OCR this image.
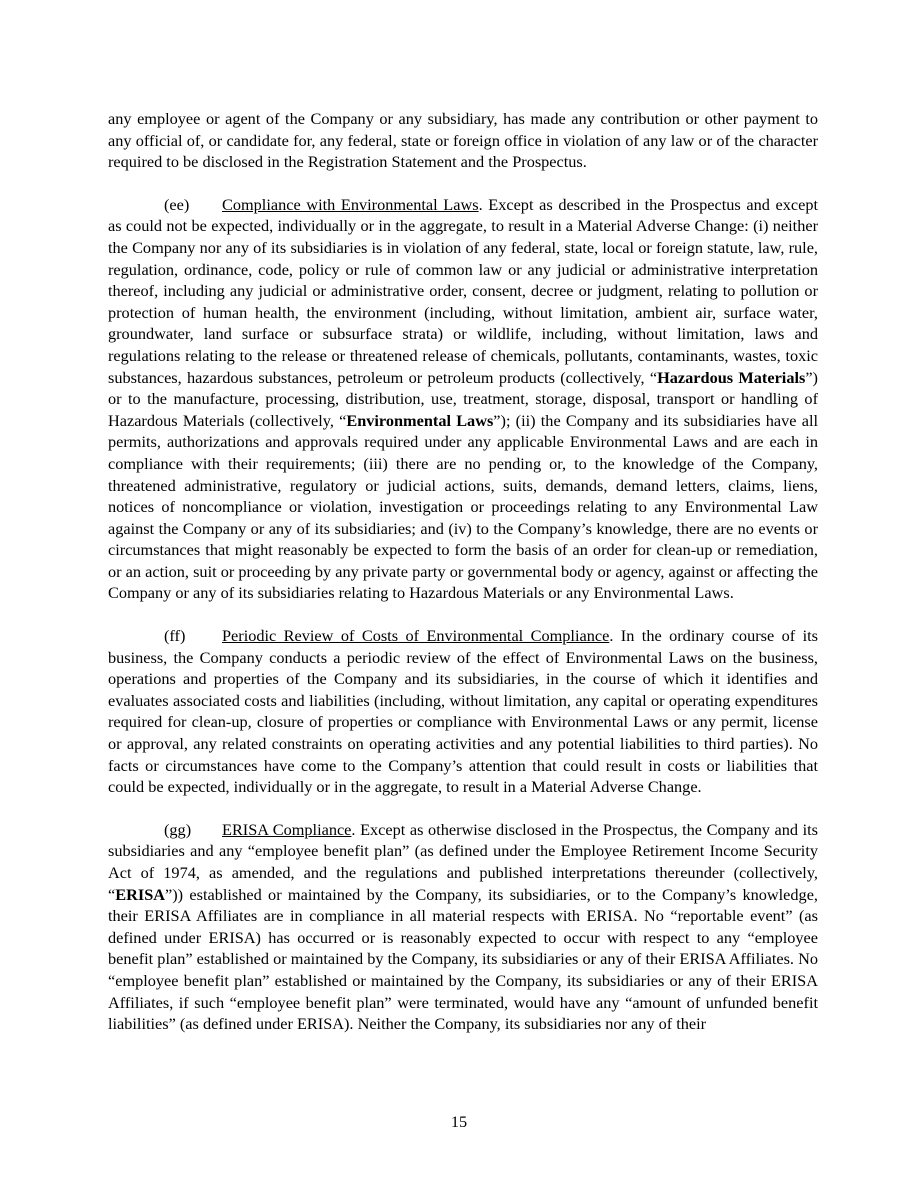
any employee or agent of the Company or any subsidiary, has made any contribution or other payment to any official of, or candidate for, any federal, state or foreign office in violation of any law or of the character required to be disclosed in the Registration Statement and the Prospectus.

(ee) Compliance with Environmental Laws. Except as described in the Prospectus and except as could not be expected, individually or in the aggregate, to result in a Material Adverse Change: (i) neither the Company nor any of its subsidiaries is in violation of any federal, state, local or foreign statute, law, rule, regulation, ordinance, code, policy or rule of common law or any judicial or administrative interpretation thereof, including any judicial or administrative order, consent, decree or judgment, relating to pollution or protection of human health, the environment (including, without limitation, ambient air, surface water, groundwater, land surface or subsurface strata) or wildlife, including, without limitation, laws and regulations relating to the release or threatened release of chemicals, pollutants, contaminants, wastes, toxic substances, hazardous substances, petroleum or petroleum products (collectively, “Hazardous Materials”) or to the manufacture, processing, distribution, use, treatment, storage, disposal, transport or handling of Hazardous Materials (collectively, “Environmental Laws”); (ii) the Company and its subsidiaries have all permits, authorizations and approvals required under any applicable Environmental Laws and are each in compliance with their requirements; (iii) there are no pending or, to the knowledge of the Company, threatened administrative, regulatory or judicial actions, suits, demands, demand letters, claims, liens, notices of noncompliance or violation, investigation or proceedings relating to any Environmental Law against the Company or any of its subsidiaries; and (iv) to the Company’s knowledge, there are no events or circumstances that might reasonably be expected to form the basis of an order for clean-up or remediation, or an action, suit or proceeding by any private party or governmental body or agency, against or affecting the Company or any of its subsidiaries relating to Hazardous Materials or any Environmental Laws.

(ff) Periodic Review of Costs of Environmental Compliance. In the ordinary course of its business, the Company conducts a periodic review of the effect of Environmental Laws on the business, operations and properties of the Company and its subsidiaries, in the course of which it identifies and evaluates associated costs and liabilities (including, without limitation, any capital or operating expenditures required for clean-up, closure of properties or compliance with Environmental Laws or any permit, license or approval, any related constraints on operating activities and any potential liabilities to third parties). No facts or circumstances have come to the Company’s attention that could result in costs or liabilities that could be expected, individually or in the aggregate, to result in a Material Adverse Change.

(gg) ERISA Compliance. Except as otherwise disclosed in the Prospectus, the Company and its subsidiaries and any “employee benefit plan” (as defined under the Employee Retirement Income Security Act of 1974, as amended, and the regulations and published interpretations thereunder (collectively, “ERISA”)) established or maintained by the Company, its subsidiaries, or to the Company’s knowledge, their ERISA Affiliates are in compliance in all material respects with ERISA. No “reportable event” (as defined under ERISA) has occurred or is reasonably expected to occur with respect to any “employee benefit plan” established or maintained by the Company, its subsidiaries or any of their ERISA Affiliates. No “employee benefit plan” established or maintained by the Company, its subsidiaries or any of their ERISA Affiliates, if such “employee benefit plan” were terminated, would have any “amount of unfunded benefit liabilities” (as defined under ERISA). Neither the Company, its subsidiaries nor any of their

15
